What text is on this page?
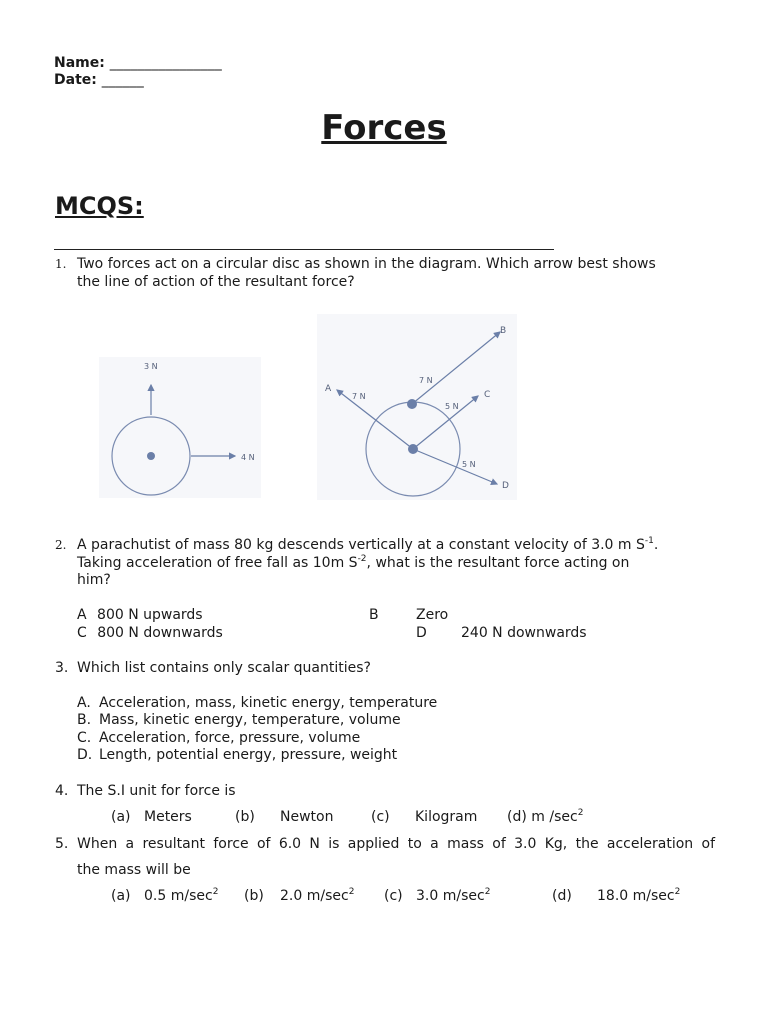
Name: ________________
Date: ______
Forces
MCQS:
1. Two forces act on a circular disc as shown in the diagram. Which arrow best shows
the line of action of the resultant force?
3 N
4 N
A
B
C
D
7 N
7 N
5 N
5 N
2. A parachutist of mass 80 kg descends vertically at a constant velocity of 3.0 m $S^{-1}$.
Taking acceleration of free fall as 10m $S^{-2}$, what is the resultant force acting on
him?
A 800 N upwards	B	Zero
C 800 N downwards	D 240 N downwards
3. Which list contains only scalar quantities?
A. Acceleration, mass, kinetic energy, temperature
B. Mass, kinetic energy, temperature, volume
C. Acceleration, force, pressure, volume
D. Length, potential energy, pressure, weight
4. The S.I unit for force is
(a) Meters	(b) Newton	(c) Kilogram (d) m $/\sec^2$
5. When a resultant force of 6.0 N is applied to a mass of 3.0 Kg, the acceleration of
the mass will be
(a) 0.5 $m/\sec^2$ (b) 2.0 $m/\sec^2$ (c) 3.0 $m/\sec^2$	(d) 18.0 $m/\sec^2$
